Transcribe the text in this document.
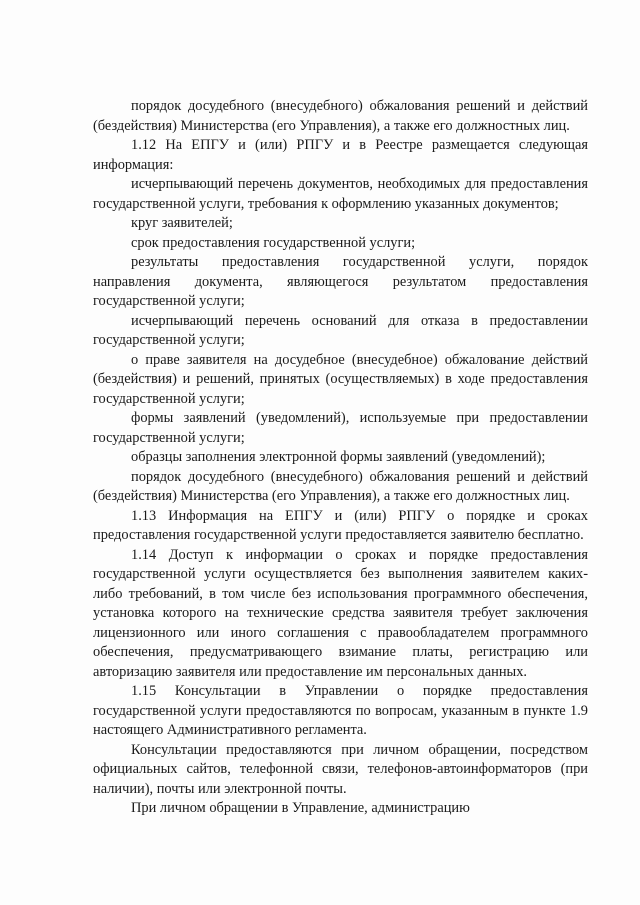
порядок досудебного (внесудебного) обжалования решений и действий (бездействия) Министерства (его Управления), а также его должностных лиц.

1.12 На ЕПГУ и (или) РПГУ и в Реестре размещается следующая информация:

исчерпывающий перечень документов, необходимых для предоставления государственной услуги, требования к оформлению указанных документов;

круг заявителей;

срок предоставления государственной услуги;

результаты предоставления государственной услуги, порядок направления документа, являющегося результатом предоставления государственной услуги;

исчерпывающий перечень оснований для отказа в предоставлении государственной услуги;

о праве заявителя на досудебное (внесудебное) обжалование действий (бездействия) и решений, принятых (осуществляемых) в ходе предоставления государственной услуги;

формы заявлений (уведомлений), используемые при предоставлении государственной услуги;

образцы заполнения электронной формы заявлений (уведомлений);

порядок досудебного (внесудебного) обжалования решений и действий (бездействия) Министерства (его Управления), а также его должностных лиц.

1.13 Информация на ЕПГУ и (или) РПГУ о порядке и сроках предоставления государственной услуги предоставляется заявителю бесплатно.

1.14 Доступ к информации о сроках и порядке предоставления государственной услуги осуществляется без выполнения заявителем каких-либо требований, в том числе без использования программного обеспечения, установка которого на технические средства заявителя требует заключения лицензионного или иного соглашения с правообладателем программного обеспечения, предусматривающего взимание платы, регистрацию или авторизацию заявителя или предоставление им персональных данных.

1.15 Консультации в Управлении о порядке предоставления государственной услуги предоставляются по вопросам, указанным в пункте 1.9 настоящего Административного регламента.

Консультации предоставляются при личном обращении, посредством официальных сайтов, телефонной связи, телефонов-автоинформаторов (при наличии), почты или электронной почты.

При личном обращении в Управление, администрацию
